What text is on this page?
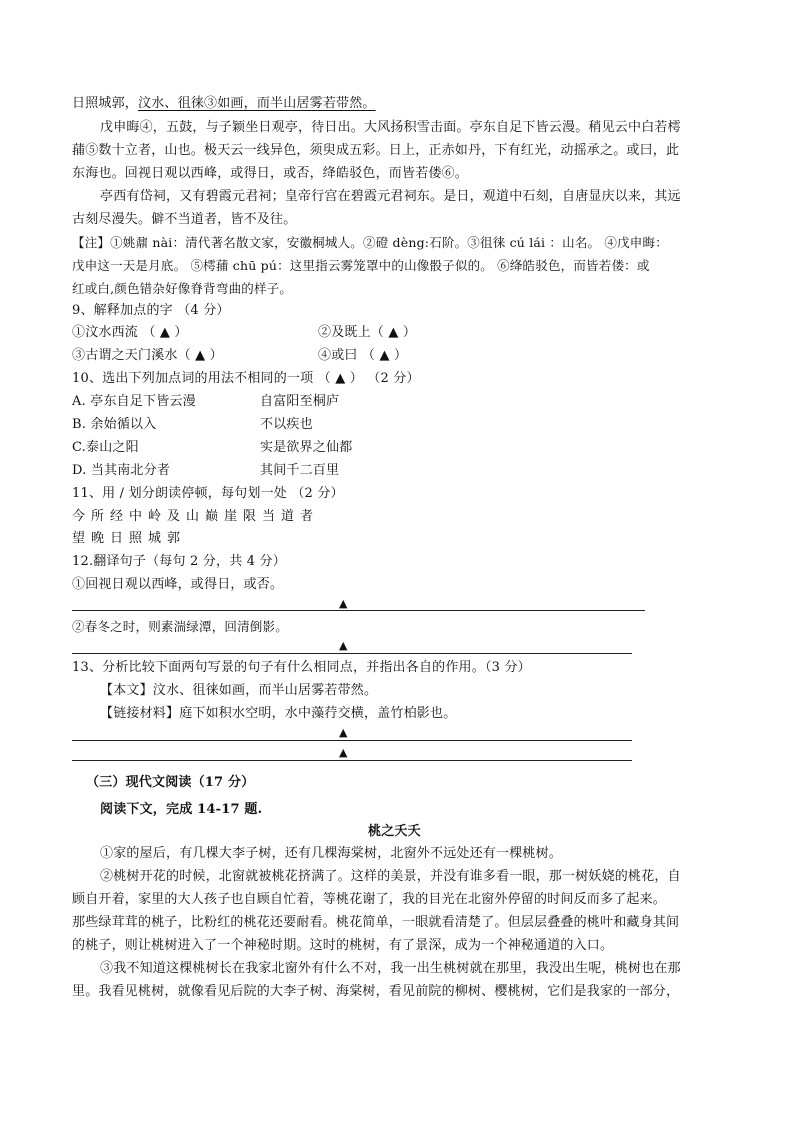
日照城郭，汶水、徂徕③如画，而半山居雾若带然。
戊申晦④，五鼓，与子颖坐日观亭，待日出。大风扬积雪击面。亭东自足下皆云漫。稍见云中白若樗
蒱⑤数十立者，山也。极天云一线异色，须臾成五彩。日上，正赤如丹，下有红光，动摇承之。或曰，此
东海也。回视日观以西峰，或得日，或否，绛皓驳色，而皆若偻⑥。
亭西有岱祠，又有碧霞元君祠；皇帝行宫在碧霞元君祠东。是日，观道中石刻，自唐显庆以来，其远
古刻尽漫失。僻不当道者，皆不及往。
【注】①姚鼐 nài：清代著名散文家，安徽桐城人。②磴 dèng:石阶。③徂徕 cú lái ：山名。 ④戊申晦：
戊申这一天是月底。 ⑤樗蒱 chū pú：这里指云雾笼罩中的山像骰子似的。 ⑥绛皓驳色，而皆若偻：或
红或白,颜色错杂好像脊背弯曲的样子。
9、解释加点的字 （4 分）
①汶水西流 （ ▲ ）	②及既上（ ▲ ）
③古谓之天门溪水（ ▲ ）	④或曰 （ ▲ ）
10、选出下列加点词的用法不相同的一项 （ ▲ ） （2 分）
A. 亭东自足下皆云漫	自富阳至桐庐
B. 余始循以入	不以疾也
C.泰山之阳	实是欲界之仙都
D. 当其南北分者	其间千二百里
11、用 / 划分朗读停顿，每句划一处 （2 分）
今所经中岭及山巅崖限当道者
望晚日照城郭
12.翻译句子（每句 2 分，共 4 分）
①回视日观以西峰，或得日，或否。
▲
②春冬之时，则素湍绿潭，回清倒影。
▲
13、分析比较下面两句写景的句子有什么相同点，并指出各自的作用。（3 分）
【本文】汶水、徂徕如画，而半山居雾若带然。
【链接材料】庭下如积水空明，水中藻荇交横，盖竹柏影也。
▲
▲
（三）现代文阅读（17 分）
阅读下文，完成 14-17 题.
桃之夭夭
①家的屋后，有几棵大李子树，还有几棵海棠树，北窗外不远处还有一棵桃树。
②桃树开花的时候，北窗就被桃花挤满了。这样的美景，并没有谁多看一眼，那一树妖娆的桃花，自
顾自开着，家里的大人孩子也自顾自忙着，等桃花谢了，我的目光在北窗外停留的时间反而多了起来。
那些绿茸茸的桃子，比粉红的桃花还要耐看。桃花简单，一眼就看清楚了。但层层叠叠的桃叶和藏身其间
的桃子，则让桃树进入了一个神秘时期。这时的桃树，有了景深，成为一个神秘通道的入口。
③我不知道这棵桃树长在我家北窗外有什么不对，我一出生桃树就在那里，我没出生呢，桃树也在那
里。我看见桃树，就像看见后院的大李子树、海棠树，看见前院的柳树、樱桃树，它们是我家的一部分，
